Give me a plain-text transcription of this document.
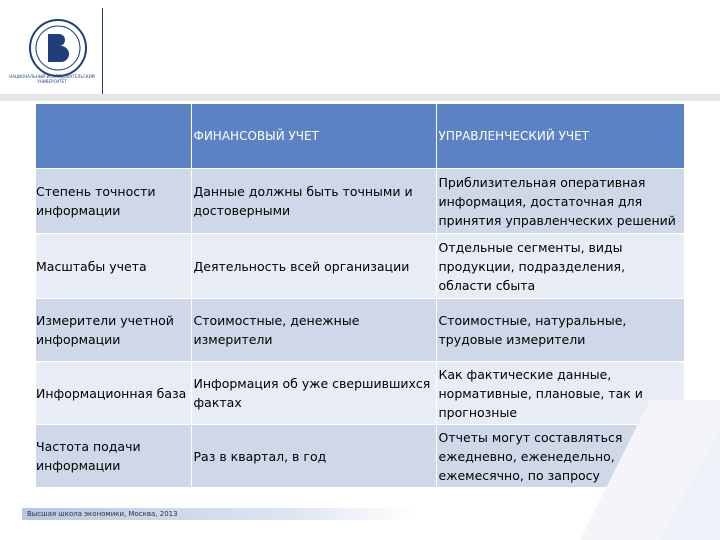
НАЦИОНАЛЬНЫЙ ИССЛЕДОВАТЕЛЬСКИЙ УНИВЕРСИТЕТ
	ФИНАНСОВЫЙ УЧЕТ	УПРАВЛЕНЧЕСКИЙ УЧЕТ
Степень точности информации	Данные должны быть точными и достоверными	Приблизительная оперативная информация, достаточная для принятия управленческих решений
Масштабы учета	Деятельность всей организации	Отдельные сегменты, виды продукции, подразделения, области сбыта
Измерители учетной информации	Стоимостные, денежные измерители	Стоимостные, натуральные, трудовые измерители
Информационная база	Информация об уже свершившихся фактах	Как фактические данные, нормативные, плановые, так и прогнозные
Частота подачи информации	Раз в квартал, в год	Отчеты могут составляться ежедневно, еженедельно, ежемесячно, по запросу
Высшая школа экономики, Москва, 2013
